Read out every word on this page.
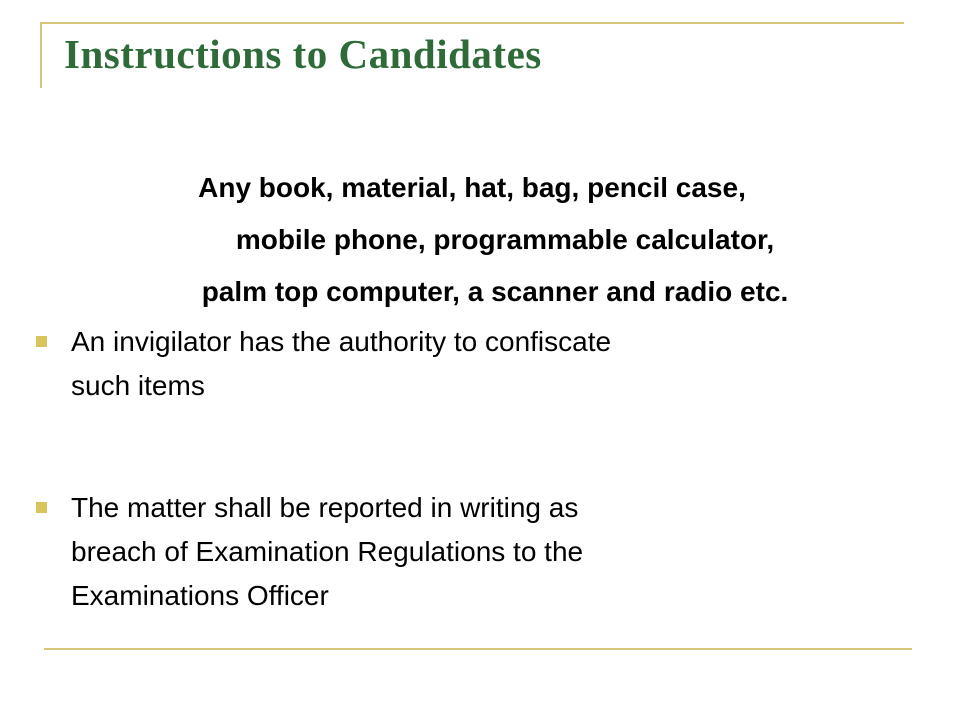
Instructions to Candidates
Any book, material, hat, bag, pencil case,
mobile phone, programmable calculator,
palm top computer, a scanner and radio etc.
An invigilator has the authority to confiscate
such items
The matter shall be reported in writing as
breach of Examination Regulations to the
Examinations Officer
